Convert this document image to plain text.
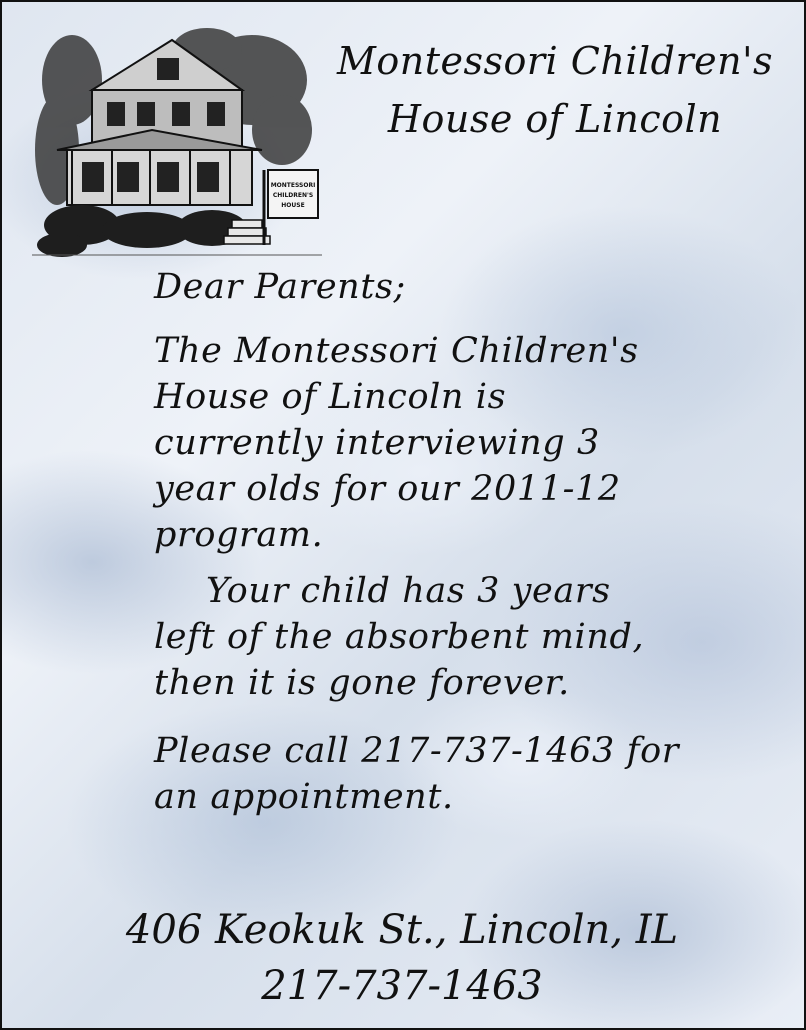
MONTESSORI
CHILDREN'S
HOUSE
Montessori Children's
House of Lincoln

Dear Parents;

The Montessori Children's

House of Lincoln is

currently interviewing 3

year olds for our 2011-12

program.

Your child has 3 years

left of the absorbent mind,

then it is gone forever.

Please call 217-737-1463 for

an appointment.

406 Keokuk St., Lincoln, IL
217-737-1463
